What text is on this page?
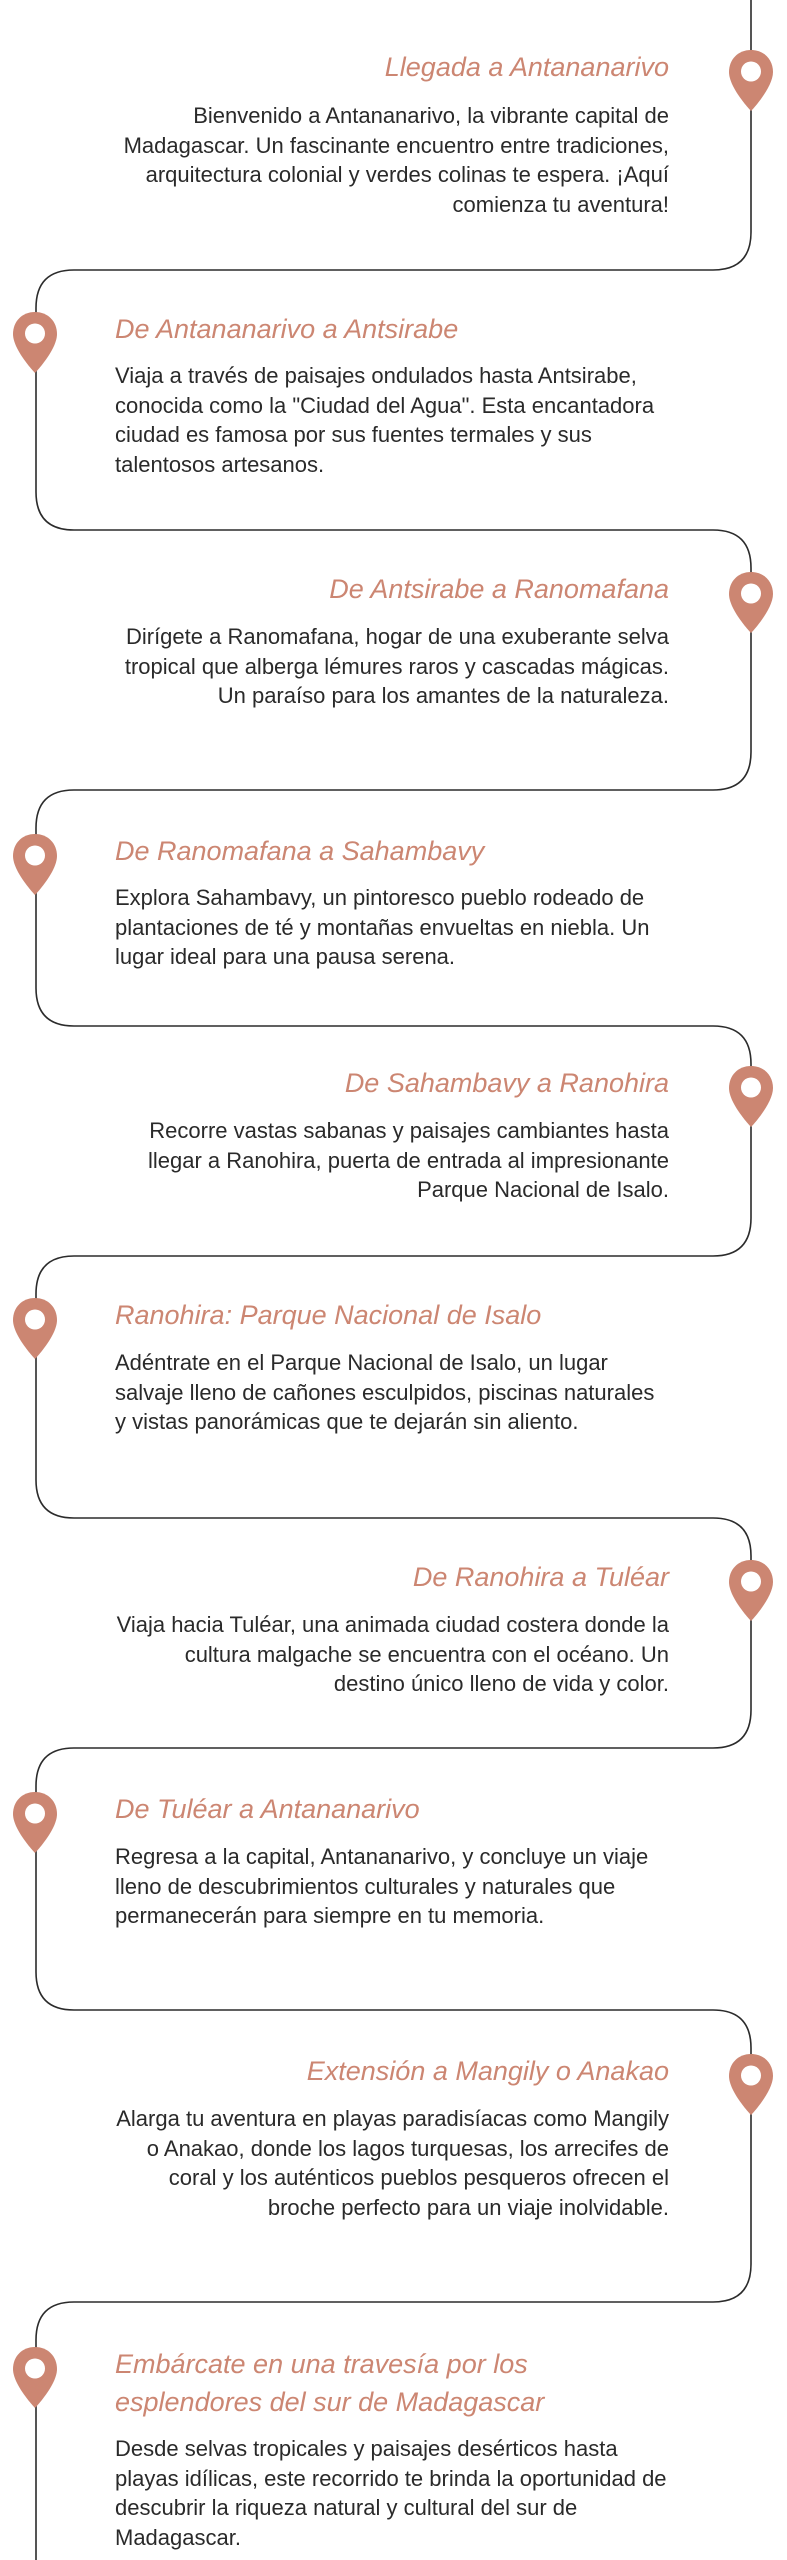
Llegada a Antananarivo

Bienvenido a Antananarivo, la vibrante capital de Madagascar. Un fascinante encuentro entre tradiciones, arquitectura colonial y verdes colinas te espera. ¡Aquí comienza tu aventura!

De Antananarivo a Antsirabe

Viaja a través de paisajes ondulados hasta Antsirabe, conocida como la "Ciudad del Agua". Esta encantadora ciudad es famosa por sus fuentes termales y sus talentosos artesanos.

De Antsirabe a Ranomafana

Dirígete a Ranomafana, hogar de una exuberante selva tropical que alberga lémures raros y cascadas mágicas. Un paraíso para los amantes de la naturaleza.

De Ranomafana a Sahambavy

Explora Sahambavy, un pintoresco pueblo rodeado de plantaciones de té y montañas envueltas en niebla. Un lugar ideal para una pausa serena.

De Sahambavy a Ranohira

Recorre vastas sabanas y paisajes cambiantes hasta llegar a Ranohira, puerta de entrada al impresionante Parque Nacional de Isalo.

Ranohira: Parque Nacional de Isalo

Adéntrate en el Parque Nacional de Isalo, un lugar salvaje lleno de cañones esculpidos, piscinas naturales y vistas panorámicas que te dejarán sin aliento.

De Ranohira a Tuléar

Viaja hacia Tuléar, una animada ciudad costera donde la cultura malgache se encuentra con el océano. Un destino único lleno de vida y color.

De Tuléar a Antananarivo

Regresa a la capital, Antananarivo, y concluye un viaje lleno de descubrimientos culturales y naturales que permanecerán para siempre en tu memoria.

Extensión a Mangily o Anakao

Alarga tu aventura en playas paradisíacas como Mangily o Anakao, donde los lagos turquesas, los arrecifes de coral y los auténticos pueblos pesqueros ofrecen el broche perfecto para un viaje inolvidable.

Embárcate en una travesía por los esplendores del sur de Madagascar

Desde selvas tropicales y paisajes desérticos hasta playas idílicas, este recorrido te brinda la oportunidad de descubrir la riqueza natural y cultural del sur de Madagascar.
